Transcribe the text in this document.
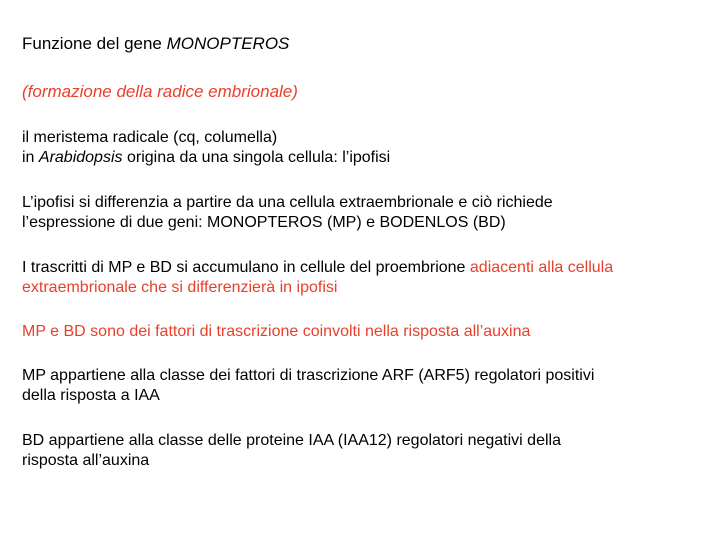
Funzione del gene MONOPTEROS
(formazione della radice embrionale)
il meristema radicale (cq, columella)
in Arabidopsis origina da una singola cellula: l’ipofisi
L’ipofisi si differenzia a partire da una cellula extraembrionale e ciò richiede
l’espressione di due geni: MONOPTEROS (MP) e BODENLOS (BD)
I trascritti di MP e BD si accumulano in cellule del proembrione adiacenti alla cellula
extraembrionale che si differenzierà in ipofisi
MP e BD sono dei fattori di trascrizione coinvolti nella risposta all’auxina
MP appartiene alla classe dei fattori di trascrizione ARF (ARF5) regolatori positivi
della risposta a IAA
BD appartiene alla classe delle proteine IAA (IAA12) regolatori negativi della
risposta all’auxina
